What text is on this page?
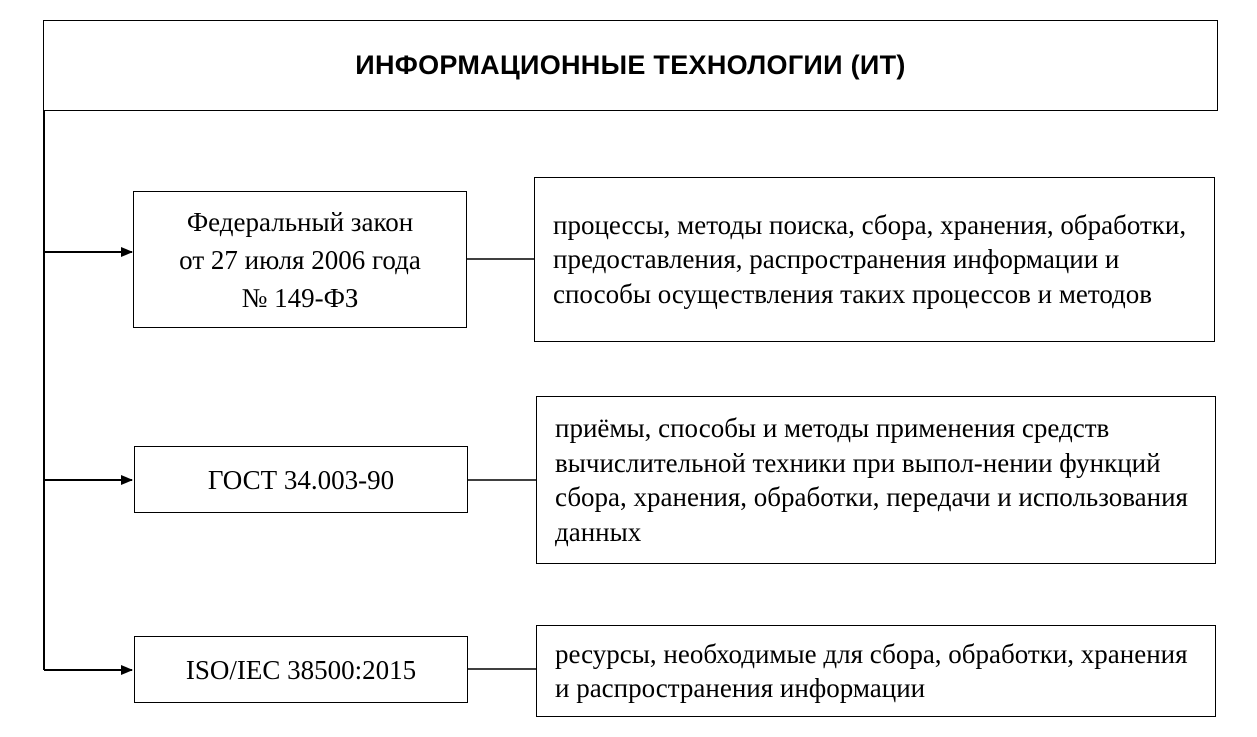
ИНФОРМАЦИОННЫЕ ТЕХНОЛОГИИ (ИТ)
Федеральный закон
от 27 июля 2006 года
№ 149-ФЗ
процессы, методы поиска, сбора, хранения, обработки, предоставления, распространения информации и способы осуществления таких процессов и методов
ГОСТ 34.003-90
приёмы, способы и методы применения средств вычислительной техники при выпол-нении функций сбора, хранения, обработки, передачи и использования данных
ISO/IEC 38500:2015
ресурсы, необходимые для сбора, обработки, хранения и распространения информации
